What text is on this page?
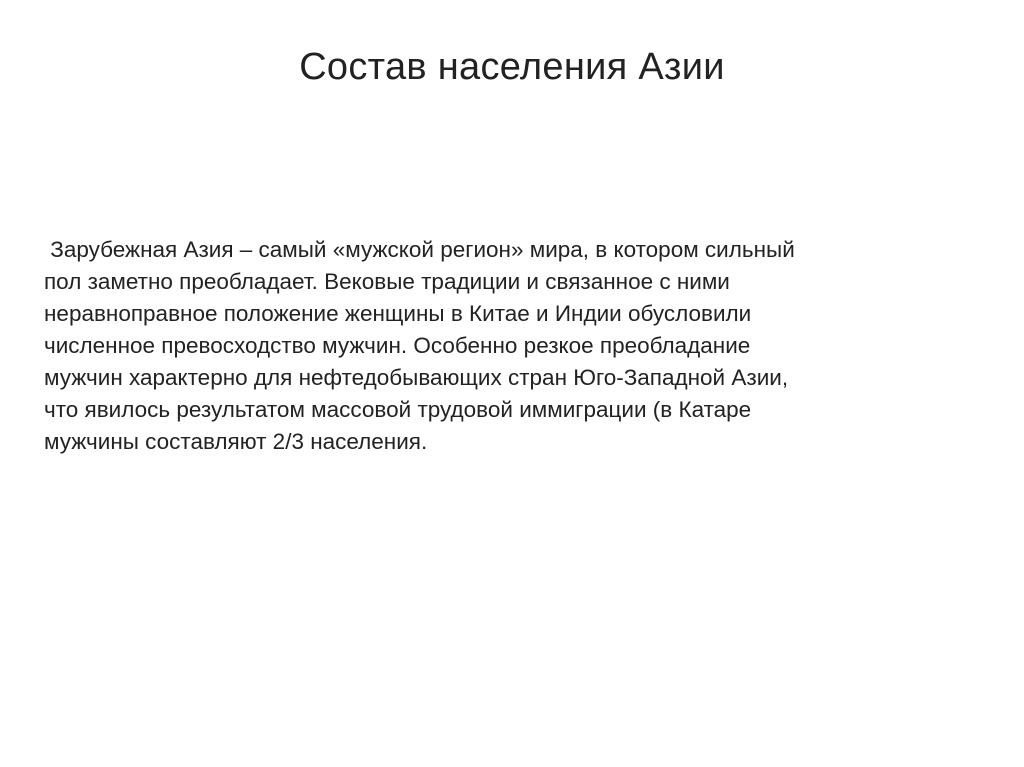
Состав населения Азии
Зарубежная Азия – самый «мужской регион» мира, в котором сильный
пол заметно преобладает. Вековые традиции и связанное с ними
неравноправное положение женщины в Китае и Индии обусловили
численное превосходство мужчин. Особенно резкое преобладание
мужчин характерно для нефтедобывающих стран Юго-Западной Азии,
что явилось результатом массовой трудовой иммиграции (в Катаре
мужчины составляют 2/3 населения.
